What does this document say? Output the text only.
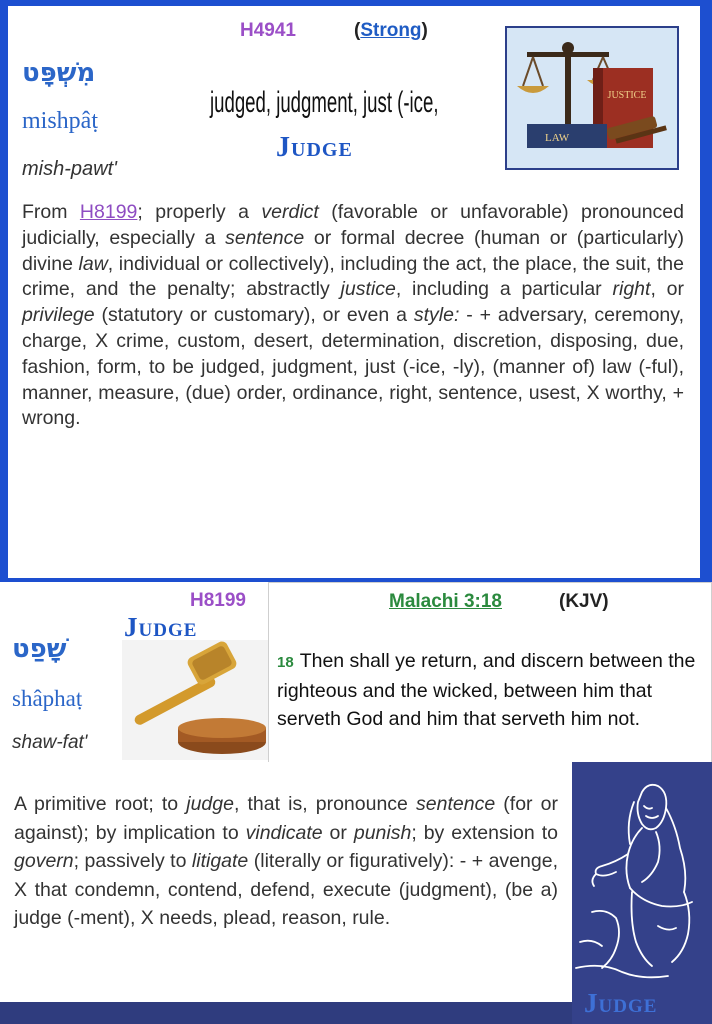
H4941	(Strong)
מִשְׁפָּט
mishpâṭ
mish-pawt'
judged, judgment, just (-ice,
Judge
JUSTICE
LAW
From H8199; properly a verdict (favorable or unfavorable) pronounced judicially, especially a sentence or formal decree (human or (particularly) divine law, individual or collectively), including the act, the place, the suit, the crime, and the penalty; abstractly justice, including a particular right, or privilege (statutory or customary), or even a style: - + adversary, ceremony, charge, X crime, custom, desert, determination, discretion, disposing, due, fashion, form, to be judged, judgment, just (-ice, -ly), (manner of) law (-ful), manner, measure, (due) order, ordinance, right, sentence, usest, X worthy, + wrong.
H8199
Judge
שָׁפַט
shâphaṭ
shaw-fat'
Malachi 3:18	(KJV)
18 Then shall ye return, and discern between the righteous and the wicked, between him that serveth God and him that serveth him not.
A primitive root; to judge, that is, pronounce sentence (for or against); by implication to vindicate or punish; by extension to govern; passively to litigate (literally or figuratively): - + avenge, X that condemn, contend, defend, execute (judgment), (be a) judge (-ment), X needs, plead, reason, rule.
Judge
